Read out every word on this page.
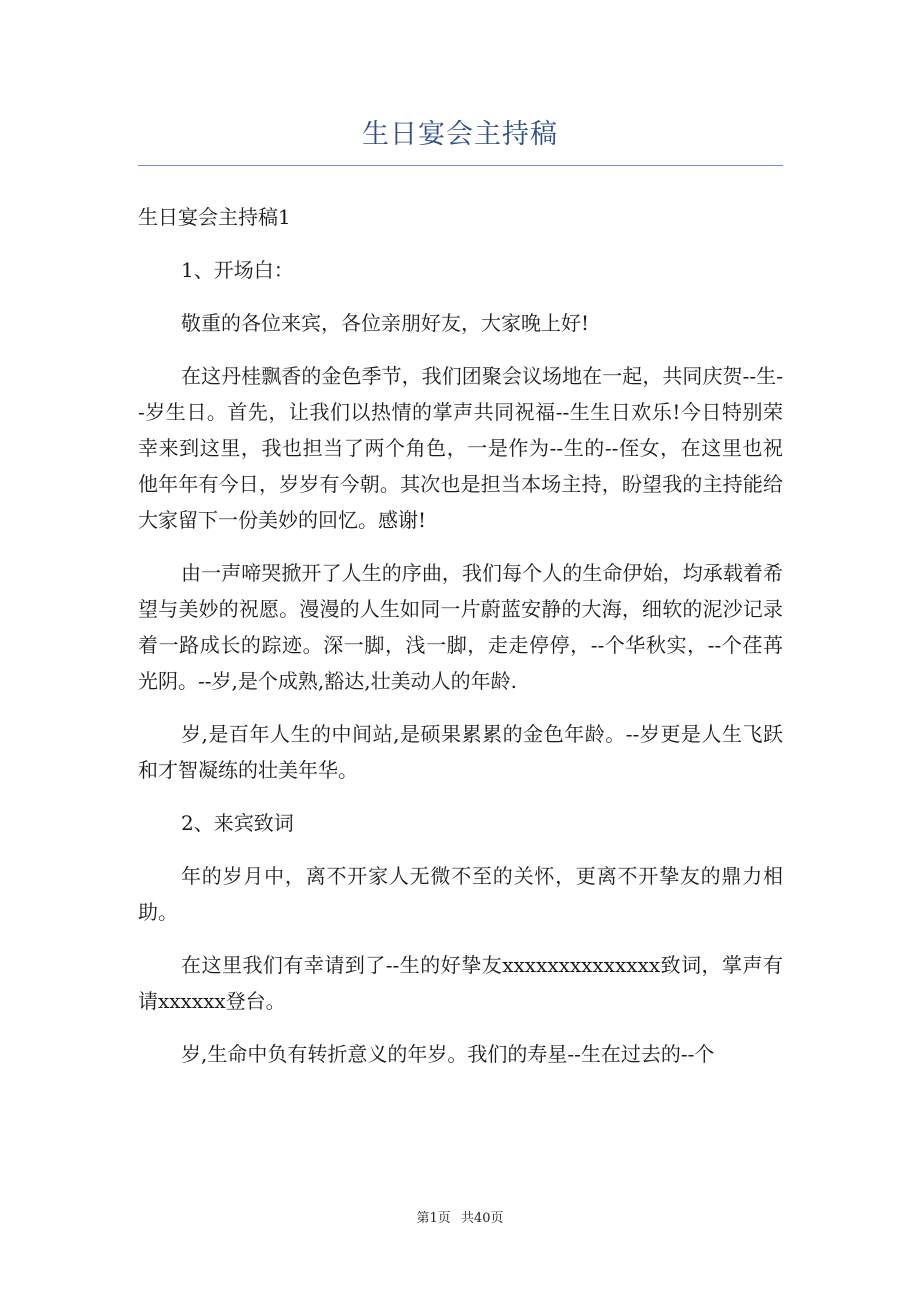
生日宴会主持稿

生日宴会主持稿1

1、开场白：

敬重的各位来宾，各位亲朋好友，大家晚上好!

在这丹桂飘香的金色季节，我们团聚会议场地在一起，共同庆贺--生--岁生日。首先，让我们以热情的掌声共同祝福--生生日欢乐!今日特别荣幸来到这里，我也担当了两个角色，一是作为--生的--侄女，在这里也祝他年年有今日，岁岁有今朝。其次也是担当本场主持，盼望我的主持能给大家留下一份美妙的回忆。感谢!

由一声啼哭掀开了人生的序曲，我们每个人的生命伊始，均承载着希望与美妙的祝愿。漫漫的人生如同一片蔚蓝安静的大海，细软的泥沙记录着一路成长的踪迹。深一脚，浅一脚，走走停停，--个华秋实，--个荏苒光阴。--岁,是个成熟,豁达,壮美动人的年龄.

岁,是百年人生的中间站,是硕果累累的金色年龄。--岁更是人生飞跃和才智凝练的壮美年华。

2、来宾致词

年的岁月中，离不开家人无微不至的关怀，更离不开挚友的鼎力相助。

在这里我们有幸请到了--生的好挚友xxxxxxxxxxxxxx致词，掌声有请xxxxxx登台。

岁,生命中负有转折意义的年岁。我们的寿星--生在过去的--个

第1页 共40页
